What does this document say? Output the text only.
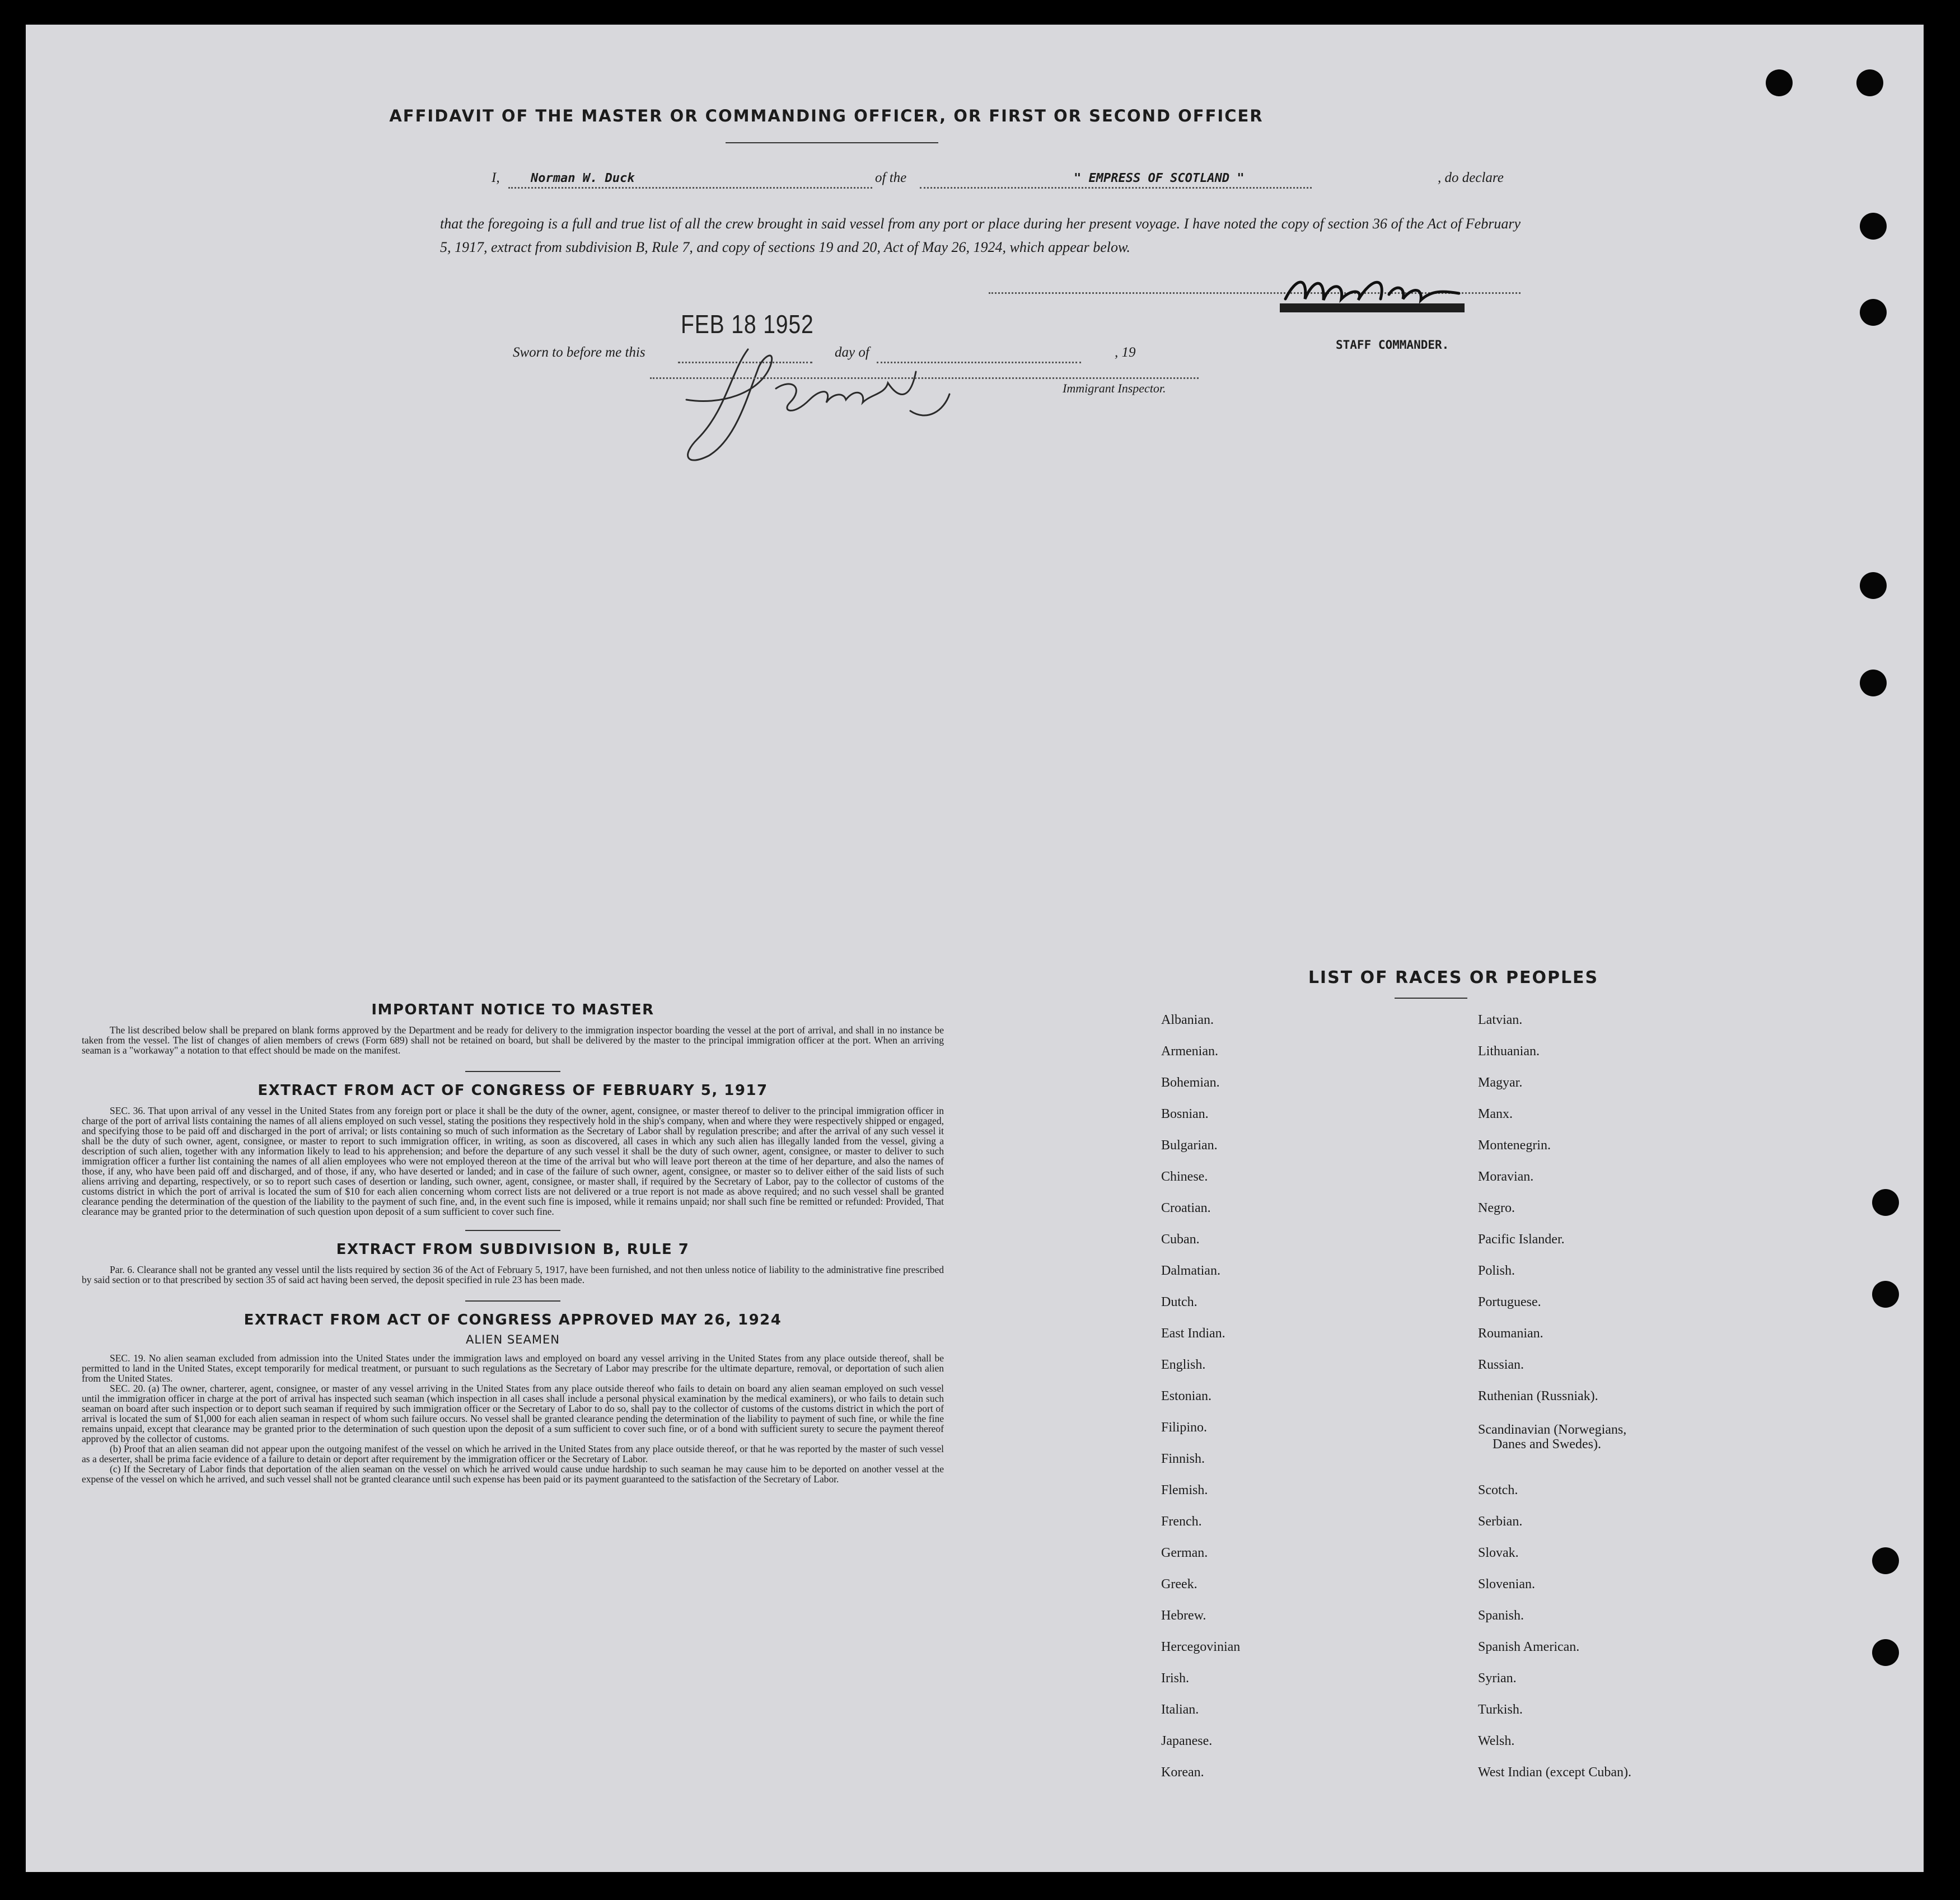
AFFIDAVIT OF THE MASTER OR COMMANDING OFFICER, OR FIRST OR SECOND OFFICER
I,	Norman W. Duck	of the	" EMPRESS OF SCOTLAND "	, do declare
that the foregoing is a full and true list of all the crew brought in said vessel from any port or place during her present voyage. I have noted the copy of section 36 of the Act of February 5, 1917, extract from subdivision B, Rule 7, and copy of sections 19 and 20, Act of May 26, 1924, which appear below.
STAFF COMMANDER.
Sworn to before me this	day of	, 19
FEB 18 1952
Immigrant Inspector.
IMPORTANT NOTICE TO MASTER

The list described below shall be prepared on blank forms approved by the Department and be ready for delivery to the immigration inspector boarding the vessel at the port of arrival, and shall in no instance be taken from the vessel. The list of changes of alien members of crews (Form 689) shall not be retained on board, but shall be delivered by the master to the principal immigration officer at the port. When an arriving seaman is a "workaway" a notation to that effect should be made on the manifest.

EXTRACT FROM ACT OF CONGRESS OF FEBRUARY 5, 1917

SEC. 36. That upon arrival of any vessel in the United States from any foreign port or place it shall be the duty of the owner, agent, consignee, or master thereof to deliver to the principal immigration officer in charge of the port of arrival lists containing the names of all aliens employed on such vessel, stating the positions they respectively hold in the ship's company, when and where they were respectively shipped or engaged, and specifying those to be paid off and discharged in the port of arrival; or lists containing so much of such information as the Secretary of Labor shall by regulation prescribe; and after the arrival of any such vessel it shall be the duty of such owner, agent, consignee, or master to report to such immigration officer, in writing, as soon as discovered, all cases in which any such alien has illegally landed from the vessel, giving a description of such alien, together with any information likely to lead to his apprehension; and before the departure of any such vessel it shall be the duty of such owner, agent, consignee, or master to deliver to such immigration officer a further list containing the names of all alien employees who were not employed thereon at the time of the arrival but who will leave port thereon at the time of her departure, and also the names of those, if any, who have been paid off and discharged, and of those, if any, who have deserted or landed; and in case of the failure of such owner, agent, consignee, or master so to deliver either of the said lists of such aliens arriving and departing, respectively, or so to report such cases of desertion or landing, such owner, agent, consignee, or master shall, if required by the Secretary of Labor, pay to the collector of customs of the customs district in which the port of arrival is located the sum of $10 for each alien concerning whom correct lists are not delivered or a true report is not made as above required; and no such vessel shall be granted clearance pending the determination of the question of the liability to the payment of such fine, and, in the event such fine is imposed, while it remains unpaid; nor shall such fine be remitted or refunded: Provided, That clearance may be granted prior to the determination of such question upon deposit of a sum sufficient to cover such fine.

EXTRACT FROM SUBDIVISION B, RULE 7

Par. 6. Clearance shall not be granted any vessel until the lists required by section 36 of the Act of February 5, 1917, have been furnished, and not then unless notice of liability to the administrative fine prescribed by said section or to that prescribed by section 35 of said act having been served, the deposit specified in rule 23 has been made.

EXTRACT FROM ACT OF CONGRESS APPROVED MAY 26, 1924
ALIEN SEAMEN

SEC. 19. No alien seaman excluded from admission into the United States under the immigration laws and employed on board any vessel arriving in the United States from any place outside thereof, shall be permitted to land in the United States, except temporarily for medical treatment, or pursuant to such regulations as the Secretary of Labor may prescribe for the ultimate departure, removal, or deportation of such alien from the United States.

SEC. 20. (a) The owner, charterer, agent, consignee, or master of any vessel arriving in the United States from any place outside thereof who fails to detain on board any alien seaman employed on such vessel until the immigration officer in charge at the port of arrival has inspected such seaman (which inspection in all cases shall include a personal physical examination by the medical examiners), or who fails to detain such seaman on board after such inspection or to deport such seaman if required by such immigration officer or the Secretary of Labor to do so, shall pay to the collector of customs of the customs district in which the port of arrival is located the sum of $1,000 for each alien seaman in respect of whom such failure occurs. No vessel shall be granted clearance pending the determination of the liability to payment of such fine, or while the fine remains unpaid, except that clearance may be granted prior to the determination of such question upon the deposit of a sum sufficient to cover such fine, or of a bond with sufficient surety to secure the payment thereof approved by the collector of customs.

(b) Proof that an alien seaman did not appear upon the outgoing manifest of the vessel on which he arrived in the United States from any place outside thereof, or that he was reported by the master of such vessel as a deserter, shall be prima facie evidence of a failure to detain or deport after requirement by the immigration officer or the Secretary of Labor.

(c) If the Secretary of Labor finds that deportation of the alien seaman on the vessel on which he arrived would cause undue hardship to such seaman he may cause him to be deported on another vessel at the expense of the vessel on which he arrived, and such vessel shall not be granted clearance until such expense has been paid or its payment guaranteed to the satisfaction of the Secretary of Labor.

LIST OF RACES OR PEOPLES
Albanian.
Armenian.
Bohemian.
Bosnian.
Bulgarian.
Chinese.
Croatian.
Cuban.
Dalmatian.
Dutch.
East Indian.
English.
Estonian.
Filipino.
Finnish.
Flemish.
French.
German.
Greek.
Hebrew.
Hercegovinian
Irish.
Italian.
Japanese.
Korean.
Latvian.
Lithuanian.
Magyar.
Manx.
Montenegrin.
Moravian.
Negro.
Pacific Islander.
Polish.
Portuguese.
Roumanian.
Russian.
Ruthenian (Russniak).
Scandinavian (Norwegians,
Danes and Swedes).
Scotch.
Serbian.
Slovak.
Slovenian.
Spanish.
Spanish American.
Syrian.
Turkish.
Welsh.
West Indian (except Cuban).
